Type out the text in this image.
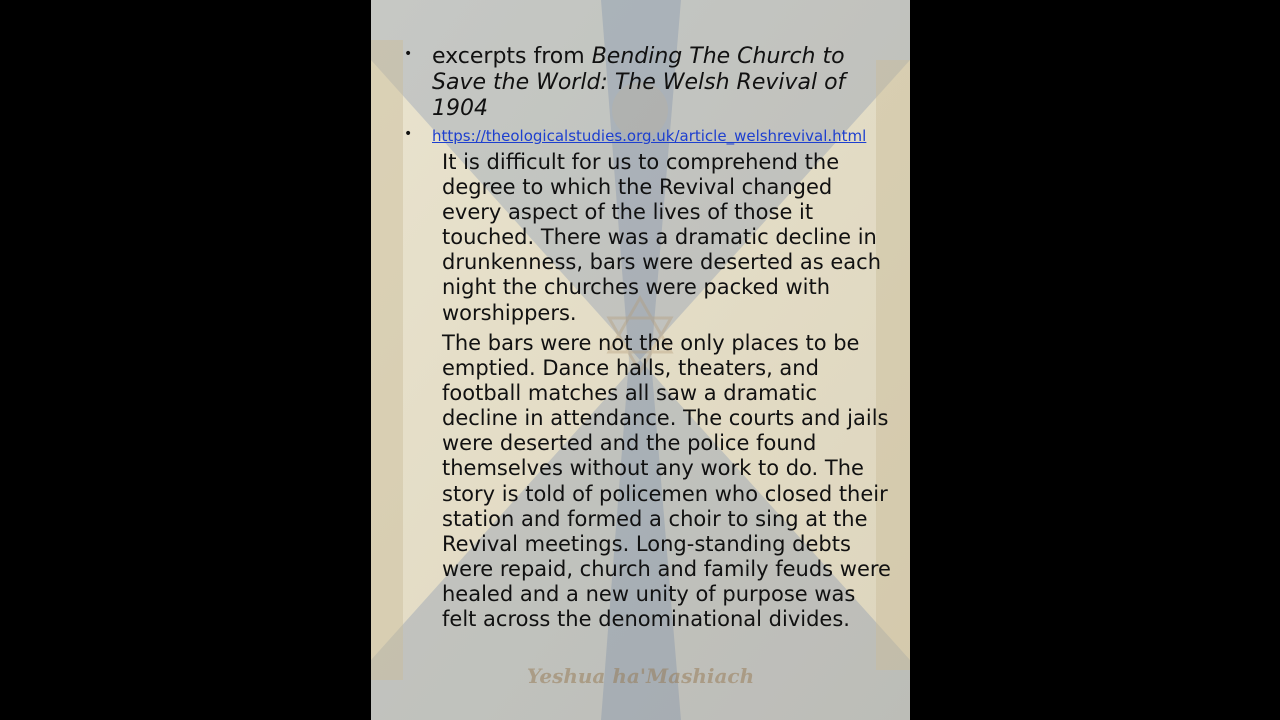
• excerpts from Bending The Church to Save the World: The Welsh Revival of 1904
• https://theologicalstudies.org.uk/article_welshrevival.html

It is difficult for us to comprehend the degree to which the Revival changed every aspect of the lives of those it touched. There was a dramatic decline in drunkenness, bars were deserted as each night the churches were packed with worshippers.

The bars were not the only places to be emptied. Dance halls, theaters, and football matches all saw a dramatic decline in attendance. The courts and jails were deserted and the police found themselves without any work to do. The story is told of policemen who closed their station and formed a choir to sing at the Revival meetings. Long-standing debts were repaid, church and family feuds were healed and a new unity of purpose was felt across the denominational divides.

Yeshua ha'Mashiach
